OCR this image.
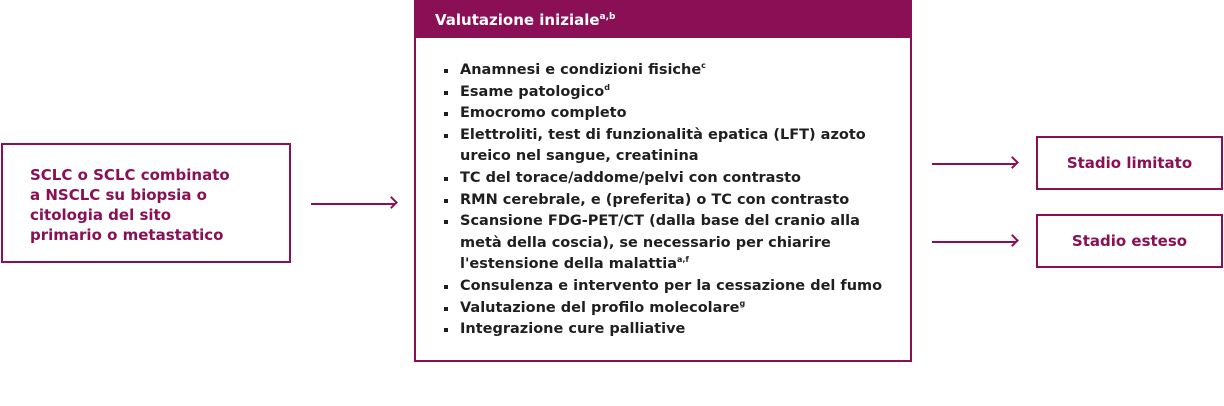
SCLC o SCLC combinato
a NSCLC su biopsia o
citologia del sito
primario o metastatico
Valutazione iniziale$^{a,b}$
Anamnesi e condizioni fisiche$^c$
Esame patologico$^d$
Emocromo completo
Elettroliti, test di funzionalità epatica (LFT) azoto ureico nel sangue, creatinina
TC del torace/addome/pelvi con contrasto
RMN cerebrale, e (preferita) o TC con contrasto
Scansione FDG-PET/CT (dalla base del cranio alla metà della coscia), se necessario per chiarire l'estensione della malattia$^{a,f}$
Consulenza e intervento per la cessazione del fumo
Valutazione del profilo molecolare$^g$
Integrazione cure palliative
Stadio limitato
Stadio esteso
